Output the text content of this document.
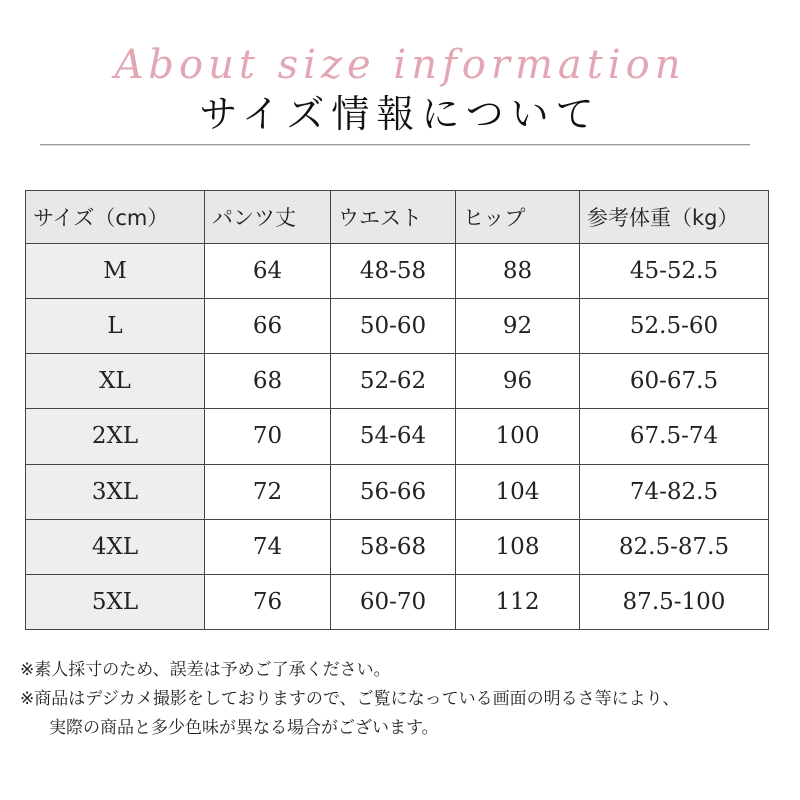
About size information
サイズ情報について
サイズ（cm）	パンツ丈	ウエスト	ヒップ	参考体重（kg）
M	64	48-58	88	45-52.5
L	66	50-60	92	52.5-60
XL	68	52-62	96	60-67.5
2XL	70	54-64	100	67.5-74
3XL	72	56-66	104	74-82.5
4XL	74	58-68	108	82.5-87.5
5XL	76	60-70	112	87.5-100
※素人採寸のため、誤差は予めご了承ください。
※商品はデジカメ撮影をしておりますので、ご覧になっている画面の明るさ等により、
実際の商品と多少色味が異なる場合がございます。
